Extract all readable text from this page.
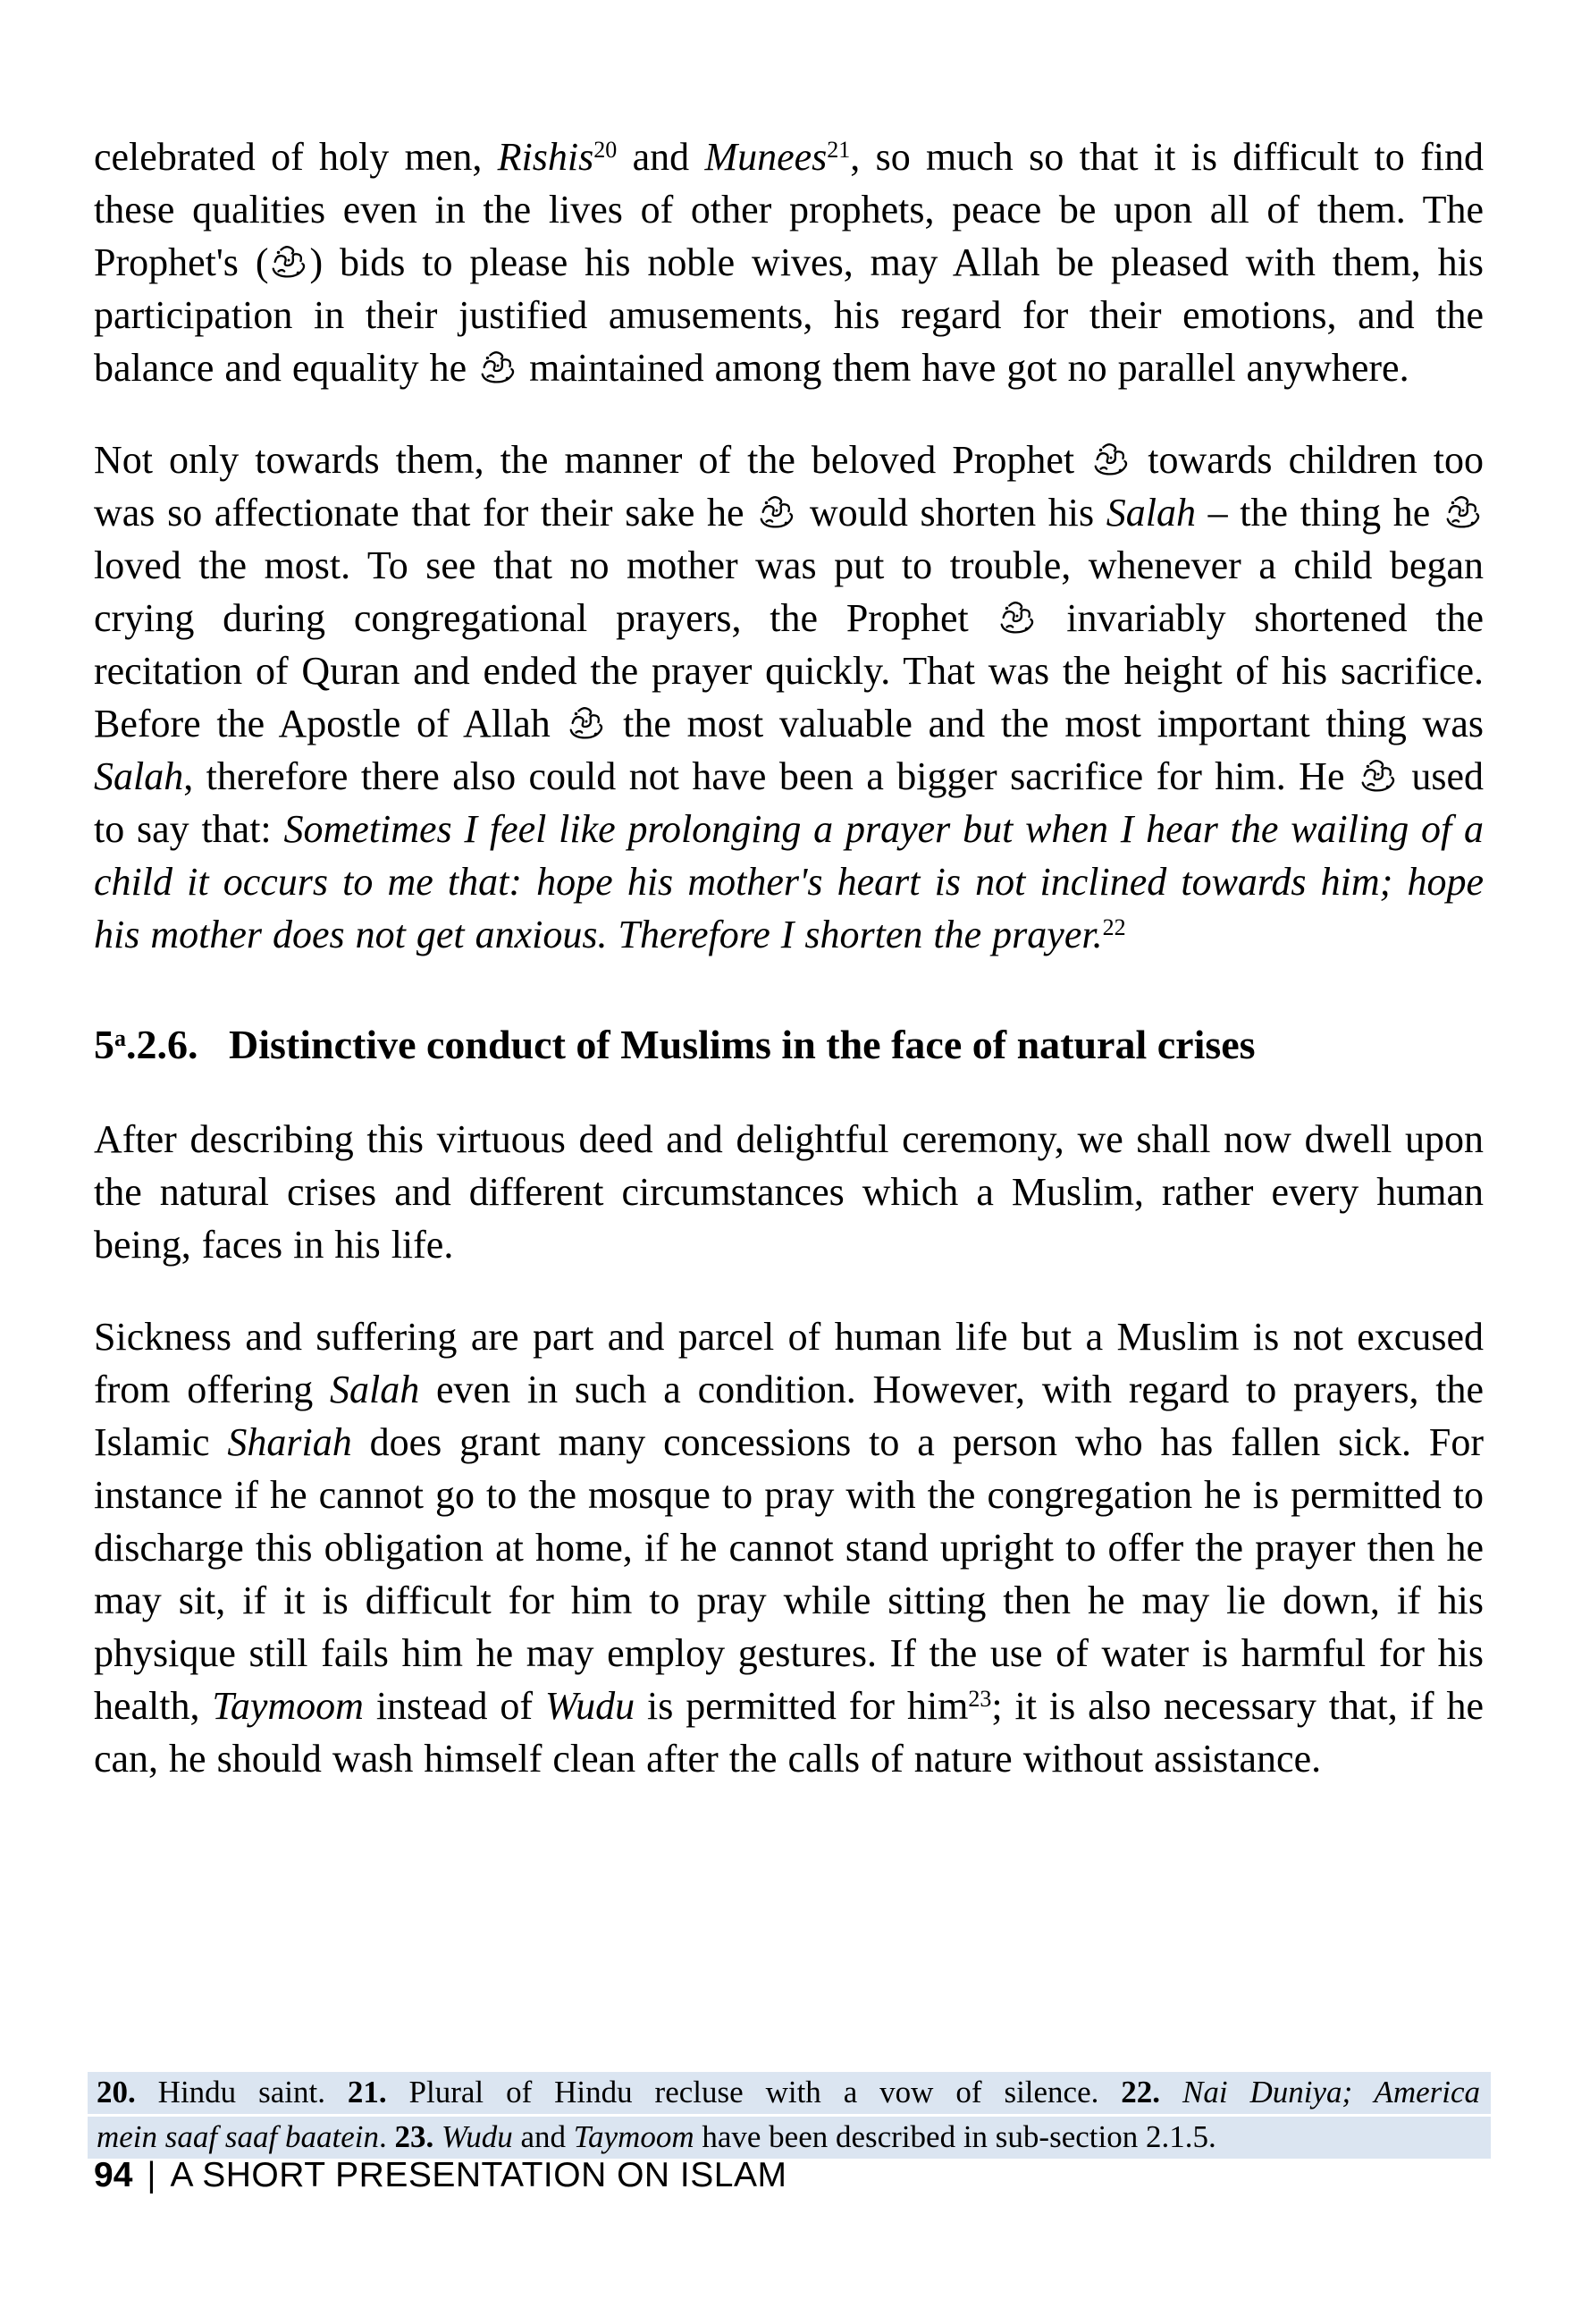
celebrated of holy men, Rishis$^{20}$ and Munees$^{21}$, so much so that it is difficult to find these qualities even in the lives of other prophets, peace be upon all of them. The Prophet's ( ) bids to please his noble wives, may Allah be pleased with them, his participation in their justified amusements, his regard for their emotions, and the balance and equality he  maintained among them have got no parallel anywhere.

Not only towards them, the manner of the beloved Prophet  towards children too was so affectionate that for their sake he  would shorten his Salah – the thing he  loved the most. To see that no mother was put to trouble, whenever a child began crying during congregational prayers, the Prophet  invariably shortened the recitation of Quran and ended the prayer quickly. That was the height of his sacrifice. Before the Apostle of Allah  the most valuable and the most important thing was Salah, therefore there also could not have been a bigger sacrifice for him. He  used to say that: Sometimes I feel like prolonging a prayer but when I hear the wailing of a child it occurs to me that: hope his mother's heart is not inclined towards him; hope his mother does not get anxious. Therefore I shorten the prayer.$^{22}$

5$^a$.2.6.  Distinctive conduct of Muslims in the face of natural crises

After describing this virtuous deed and delightful ceremony, we shall now dwell upon the natural crises and different circumstances which a Muslim, rather every human being, faces in his life.

Sickness and suffering are part and parcel of human life but a Muslim is not excused from offering Salah even in such a condition. However, with regard to prayers, the Islamic Shariah does grant many concessions to a person who has fallen sick. For instance if he cannot go to the mosque to pray with the congregation he is permitted to discharge this obligation at home, if he cannot stand upright to offer the prayer then he may sit, if it is difficult for him to pray while sitting then he may lie down, if his physique still fails him he may employ gestures. If the use of water is harmful for his health, Taymoom instead of Wudu is permitted for him$^{23}$; it is also necessary that, if he can, he should wash himself clean after the calls of nature without assistance.

20. Hindu saint. 21. Plural of Hindu recluse with a vow of silence. 22. Nai Duniya; America
mein saaf saaf baatein. 23. Wudu and Taymoom have been described in sub-section 2.1.5.
94 | A SHORT PRESENTATION ON ISLAM
